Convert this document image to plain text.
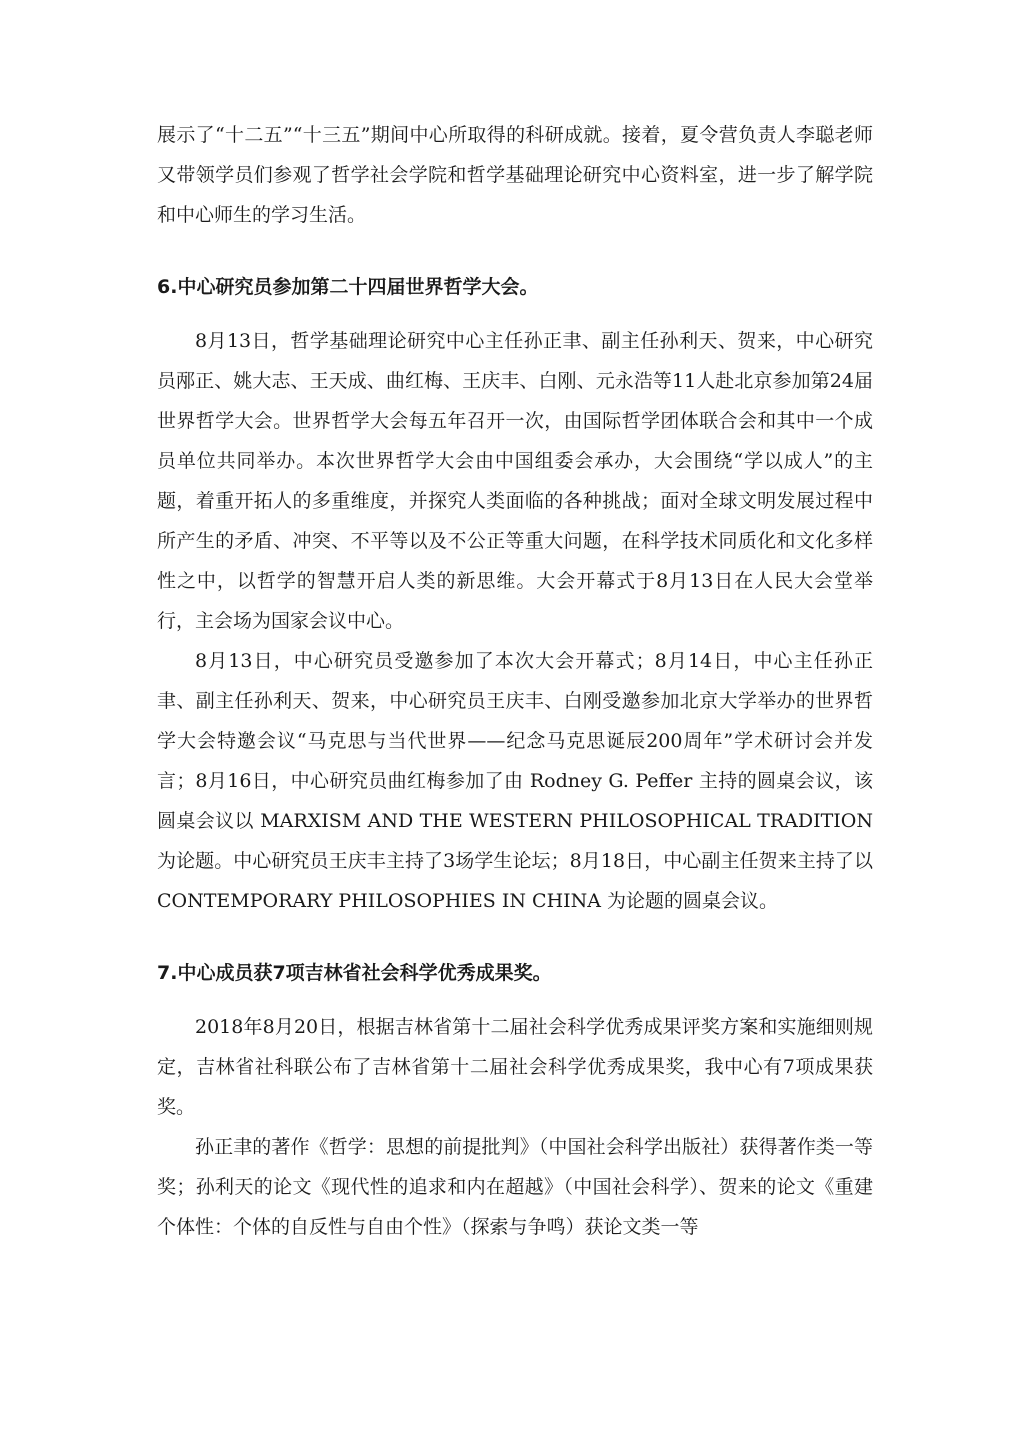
展示了“十二五”“十三五”期间中心所取得的科研成就。接着，夏令营负责人李聪老师又带领学员们参观了哲学社会学院和哲学基础理论研究中心资料室，进一步了解学院和中心师生的学习生活。

6.中心研究员参加第二十四届世界哲学大会。

8月13日，哲学基础理论研究中心主任孙正聿、副主任孙利天、贺来，中心研究员邴正、姚大志、王天成、曲红梅、王庆丰、白刚、元永浩等11人赴北京参加第24届世界哲学大会。世界哲学大会每五年召开一次，由国际哲学团体联合会和其中一个成员单位共同举办。本次世界哲学大会由中国组委会承办，大会围绕“学以成人”的主题，着重开拓人的多重维度，并探究人类面临的各种挑战；面对全球文明发展过程中所产生的矛盾、冲突、不平等以及不公正等重大问题，在科学技术同质化和文化多样性之中，以哲学的智慧开启人类的新思维。大会开幕式于8月13日在人民大会堂举行，主会场为国家会议中心。

8月13日，中心研究员受邀参加了本次大会开幕式；8月14日，中心主任孙正聿、副主任孙利天、贺来，中心研究员王庆丰、白刚受邀参加北京大学举办的世界哲学大会特邀会议“马克思与当代世界——纪念马克思诞辰200周年”学术研讨会并发言；8月16日，中心研究员曲红梅参加了由 Rodney G. Peffer 主持的圆桌会议，该圆桌会议以 MARXISM AND THE WESTERN PHILOSOPHICAL TRADITION 为论题。中心研究员王庆丰主持了3场学生论坛；8月18日，中心副主任贺来主持了以 CONTEMPORARY PHILOSOPHIES IN CHINA 为论题的圆桌会议。

7.中心成员获7项吉林省社会科学优秀成果奖。

2018年8月20日，根据吉林省第十二届社会科学优秀成果评奖方案和实施细则规定，吉林省社科联公布了吉林省第十二届社会科学优秀成果奖，我中心有7项成果获奖。

孙正聿的著作《哲学：思想的前提批判》（中国社会科学出版社）获得著作类一等奖；孙利天的论文《现代性的追求和内在超越》（中国社会科学）、贺来的论文《重建个体性：个体的自反性与自由个性》（探索与争鸣）获论文类一等
